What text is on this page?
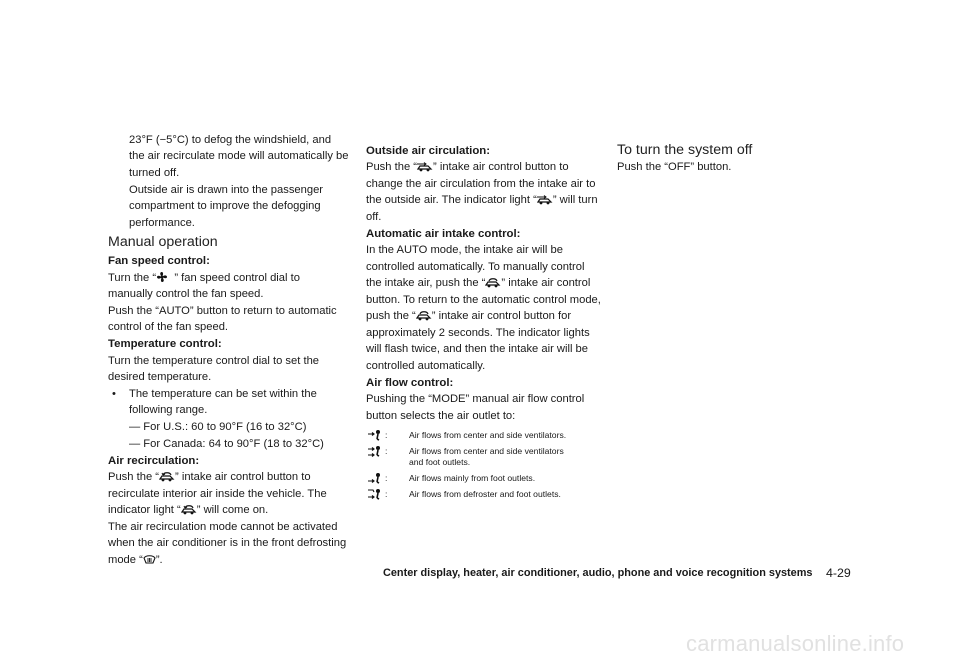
23°F (−5°C) to defog the windshield, and
the air recirculate mode will automatically be
turned off.
Outside air is drawn into the passenger
compartment to improve the defogging
performance.
Manual operation
Fan speed control:
Turn the “ ” fan speed control dial to
manually control the fan speed.
Push the “AUTO” button to return to automatic
control of the fan speed.
Temperature control:
Turn the temperature control dial to set the
desired temperature.
• The temperature can be set within the
following range.
— For U.S.: 60 to 90°F (16 to 32°C)
— For Canada: 64 to 90°F (18 to 32°C)
Air recirculation:
Push the “ ” intake air control button to
recirculate interior air inside the vehicle. The
indicator light “ ” will come on.
The air recirculation mode cannot be activated
when the air conditioner is in the front defrosting
mode “ ”.
Outside air circulation:
Push the “ ” intake air control button to
change the air circulation from the intake air to
the outside air. The indicator light “ ” will turn
off.
Automatic air intake control:
In the AUTO mode, the intake air will be
controlled automatically. To manually control
the intake air, push the “ ” intake air control
button. To return to the automatic control mode,
push the “ ” intake air control button for
approximately 2 seconds. The indicator lights
will flash twice, and then the intake air will be
controlled automatically.
Air flow control:
Pushing the “MODE” manual air flow control
button selects the air outlet to:
:	Air flows from center and side ventilators.
:	Air flows from center and side ventilators
and foot outlets.
:	Air flows mainly from foot outlets.
:	Air flows from defroster and foot outlets.
To turn the system off
Push the “OFF” button.
Center display, heater, air conditioner, audio, phone and voice recognition systems 4-29
carmanualsonline.info
